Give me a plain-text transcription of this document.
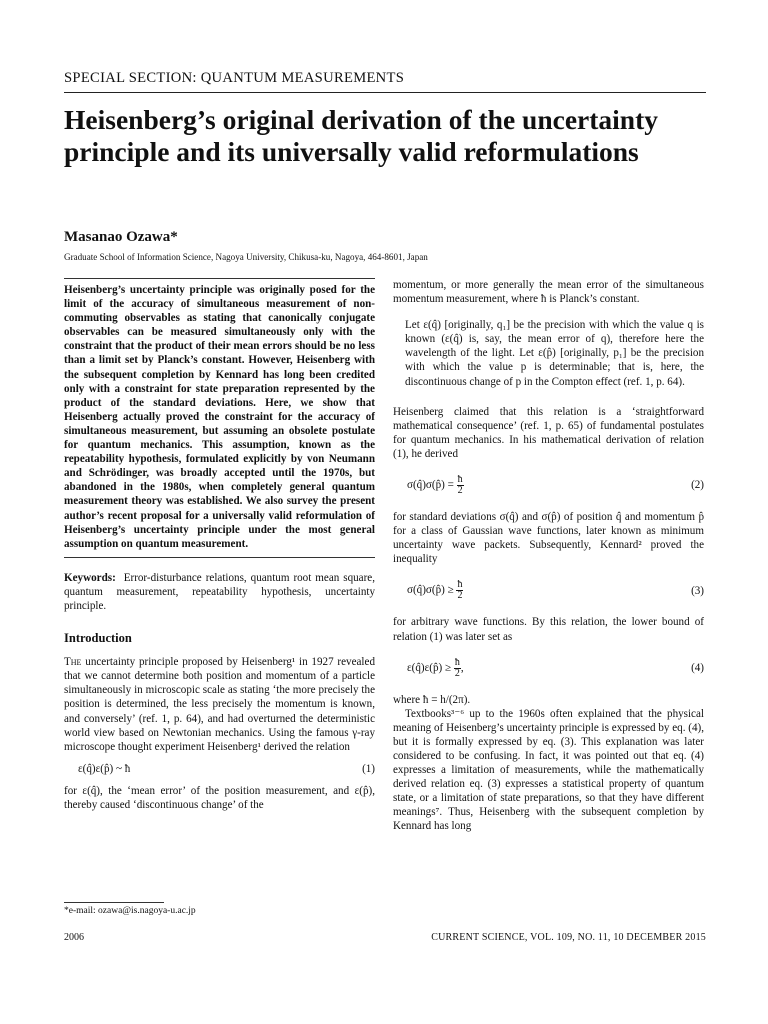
SPECIAL SECTION: QUANTUM MEASUREMENTS
Heisenberg’s original derivation of the uncertainty principle and its universally valid reformulations
Masanao Ozawa*
Graduate School of Information Science, Nagoya University, Chikusa-ku, Nagoya, 464-8601, Japan

Heisenberg’s uncertainty principle was originally posed for the limit of the accuracy of simultaneous measurement of non-commuting observables as stating that canonically conjugate observables can be measured simultaneously only with the constraint that the product of their mean errors should be no less than a limit set by Planck’s constant. However, Heisenberg with the subsequent completion by Kennard has long been credited only with a constraint for state preparation represented by the product of the standard deviations. Here, we show that Heisenberg actually proved the constraint for the accuracy of simultaneous measurement, but assuming an obsolete postulate for quantum mechanics. This assumption, known as the repeatability hypothesis, formulated explicitly by von Neumann and Schrödinger, was broadly accepted until the 1970s, but abandoned in the 1980s, when completely general quantum measurement theory was established. We also survey the present author’s recent proposal for a universally valid reformulation of Heisenberg’s uncertainty principle under the most general assumption on quantum measurement.

Keywords: Error-disturbance relations, quantum root mean square, quantum measurement, repeatability hypothesis, uncertainty principle.

Introduction

The uncertainty principle proposed by Heisenberg¹ in 1927 revealed that we cannot determine both position and momentum of a particle simultaneously in microscopic scale as stating ‘the more precisely the position is determined, the less precisely the momentum is known, and conversely’ (ref. 1, p. 64), and had overturned the deterministic world view based on Newtonian mechanics. Using the famous γ-ray microscope thought experiment Heisenberg¹ derived the relation

ε(q̂)ε(p̂) ~ ħ	(1)

for ε(q̂), the ‘mean error’ of the position measurement, and ε(p̂), thereby caused ‘discontinuous change’ of the

momentum, or more generally the mean error of the simultaneous momentum measurement, where ħ is Planck’s constant.

Let ε(q̂) [originally, q₁] be the precision with which the value q is known (ε(q̂) is, say, the mean error of q), therefore here the wavelength of the light. Let ε(p̂) [originally, p₁] be the precision with which the value p is determinable; that is, here, the discontinuous change of p in the Compton effect (ref. 1, p. 64).

Heisenberg claimed that this relation is a ‘straightforward mathematical consequence’ (ref. 1, p. 65) of fundamental postulates for quantum mechanics. In his mathematical derivation of relation (1), he derived

σ(q̂)σ(p̂) = $\frac{ħ}{2}$	(2)

for standard deviations σ(q̂) and σ(p̂) of position q̂ and momentum p̂ for a class of Gaussian wave functions, later known as minimum uncertainty wave packets. Subsequently, Kennard² proved the inequality

σ(q̂)σ(p̂) ≥ $\frac{ħ}{2}$	(3)

for arbitrary wave functions. By this relation, the lower bound of relation (1) was later set as

ε(q̂)ε(p̂) ≥ $\frac{ħ}{2}$ ,	(4)

where ħ = h/(2π).

Textbooks³⁻⁶ up to the 1960s often explained that the physical meaning of Heisenberg’s uncertainty principle is expressed by eq. (4), but it is formally expressed by eq. (3). This explanation was later considered to be confusing. In fact, it was pointed out that eq. (4) expresses a limitation of measurements, while the mathematically derived relation eq. (3) expresses a statistical property of quantum state, or a limitation of state preparations, so that they have different meanings⁷. Thus, Heisenberg with the subsequent completion by Kennard has long

*e-mail: ozawa@is.nagoya-u.ac.jp
2006	CURRENT SCIENCE, VOL. 109, NO. 11, 10 DECEMBER 2015
